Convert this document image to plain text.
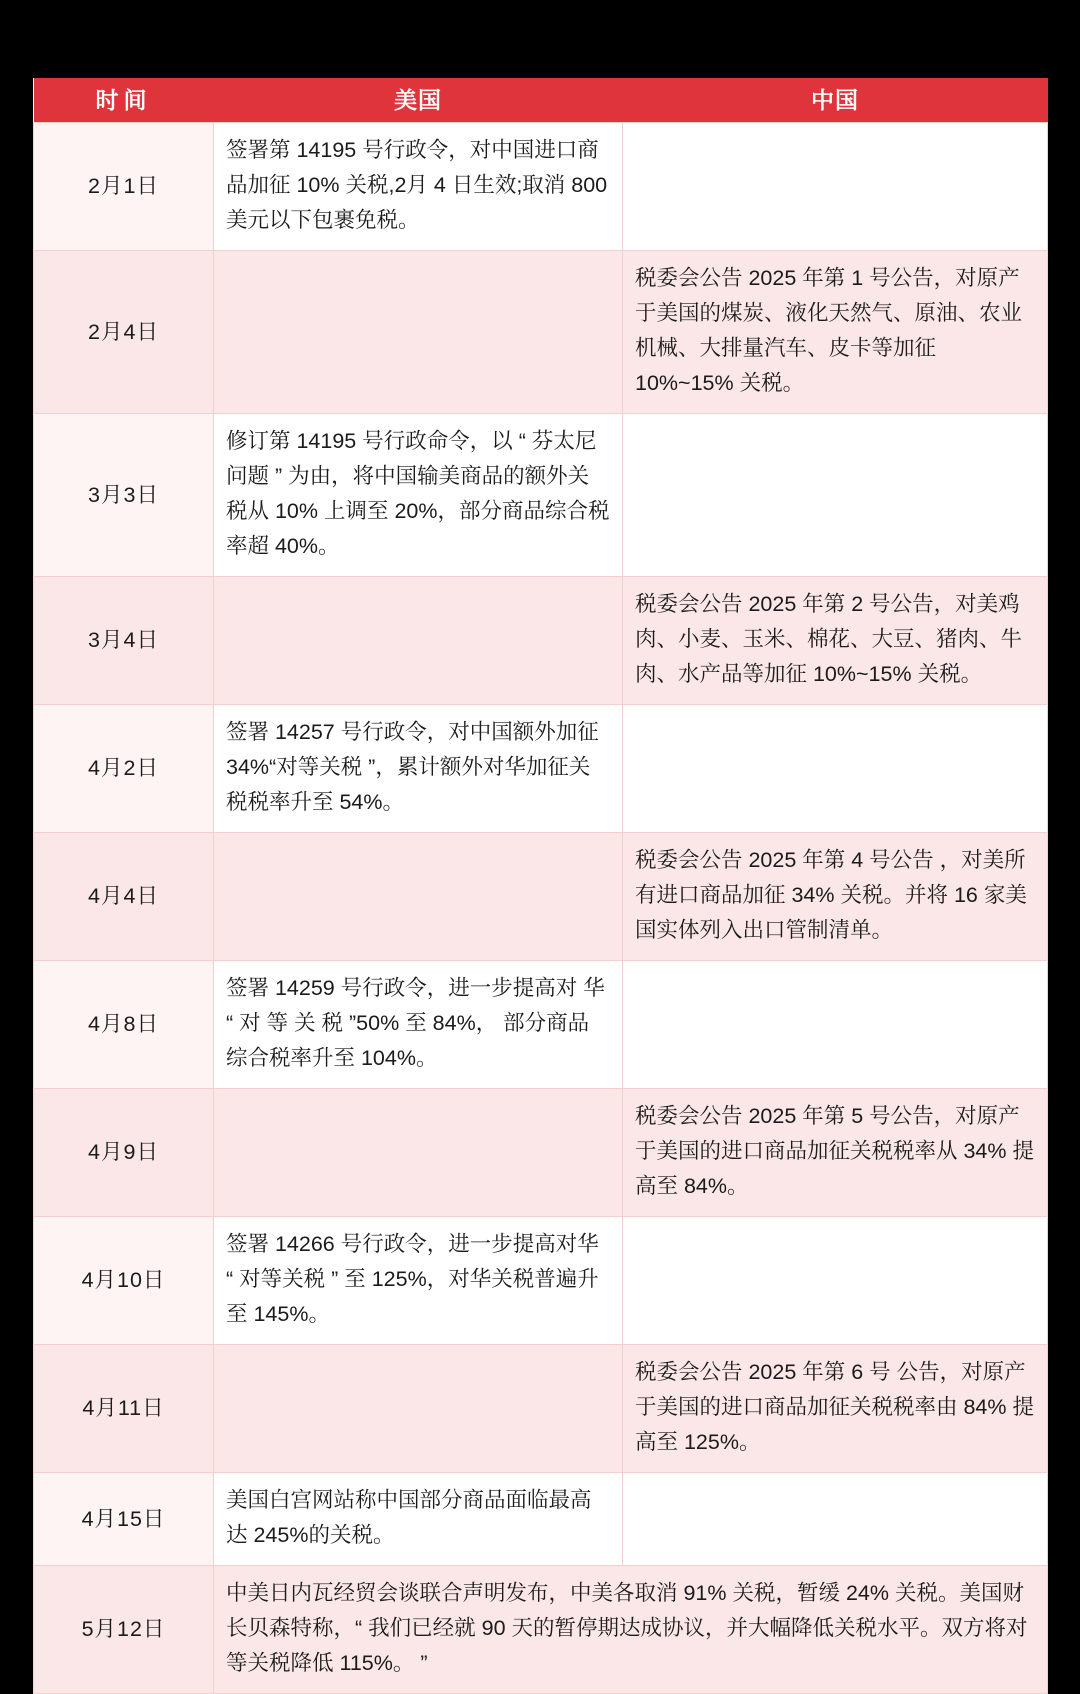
时间	美国	中国
2月1日	签署第 14195 号行政令，对中国进口商品加征 10% 关税,2月 4 日生效;取消 800 美元以下包裹免税。	
2月4日		税委会公告 2025 年第 1 号公告，对原产于美国的煤炭、液化天然气、原油、农业机械、大排量汽车、皮卡等加征 10%~15% 关税。
3月3日	修订第 14195 号行政命令，以 “ 芬太尼问题 ” 为由，将中国输美商品的额外关税从 10% 上调至 20%，部分商品综合税率超 40%。	
3月4日		税委会公告 2025 年第 2 号公告，对美鸡肉、小麦、玉米、棉花、大豆、猪肉、牛肉、水产品等加征 10%~15% 关税。
4月2日	签署 14257 号行政令，对中国额外加征 34%“对等关税 ”，累计额外对华加征关税税率升至 54%。	
4月4日		税委会公告 2025 年第 4 号公告 ，对美所有进口商品加征 34% 关税。并将 16 家美国实体列入出口管制清单。
4月8日	签署 14259 号行政令，进一步提高对 华 “ 对 等 关 税 ”50% 至 84%， 部分商品综合税率升至 104%。	
4月9日		税委会公告 2025 年第 5 号公告，对原产于美国的进口商品加征关税税率从 34% 提高至 84%。
4月10日	签署 14266 号行政令，进一步提高对华 “ 对等关税 ” 至 125%，对华关税普遍升至 145%。	
4月11日		税委会公告 2025 年第 6 号 公告，对原产于美国的进口商品加征关税税率由 84% 提高至 125%。
4月15日	美国白宫网站称中国部分商品面临最高达 245%的关税。	
5月12日	中美日内瓦经贸会谈联合声明发布，中美各取消 91% 关税，暂缓 24% 关税。美国财长贝森特称，“ 我们已经就 90 天的暂停期达成协议，并大幅降低关税水平。双方将对等关税降低 115%。 ”	
